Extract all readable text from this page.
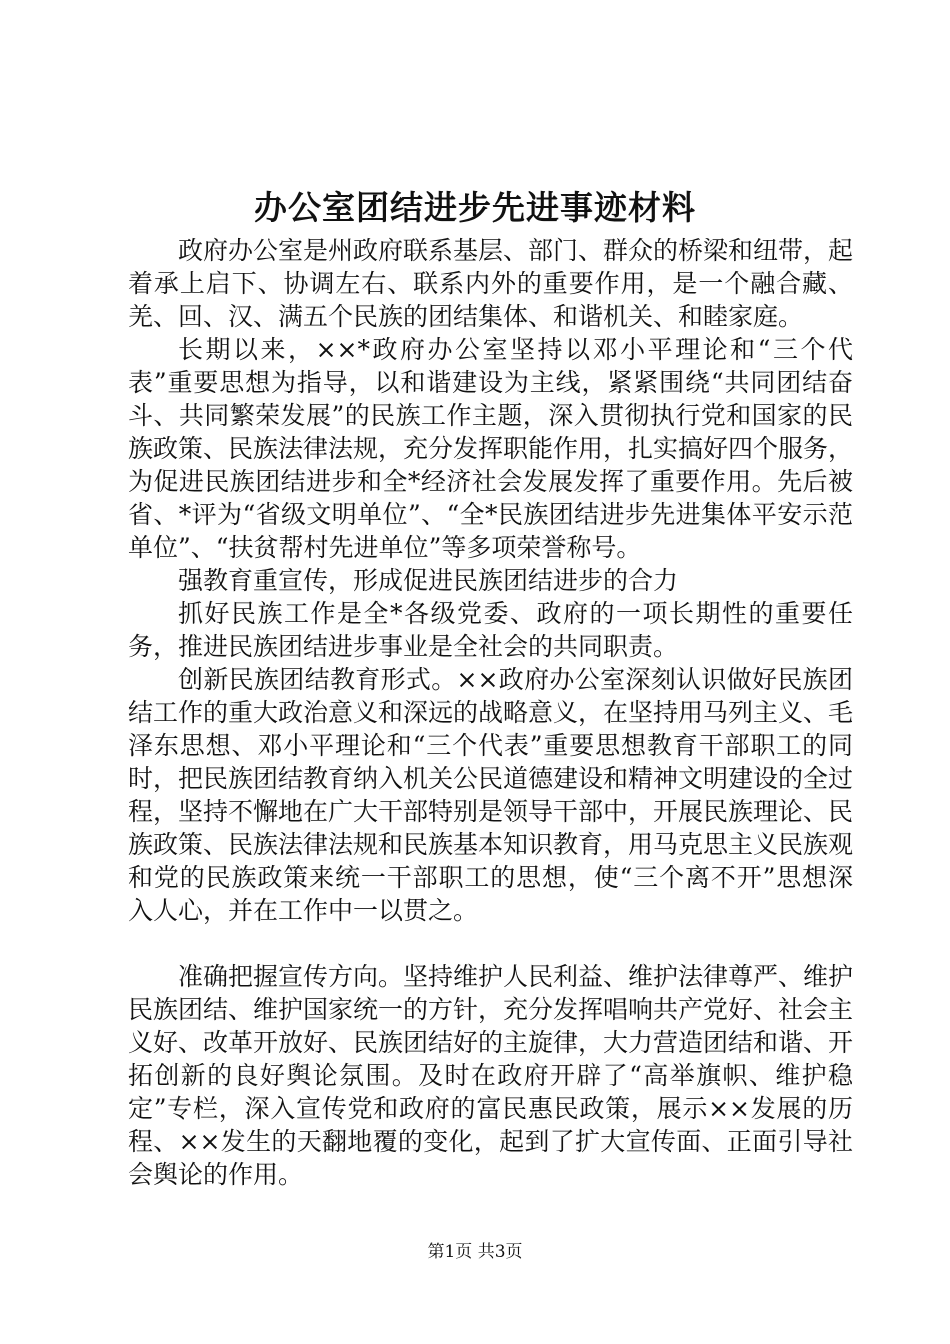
办公室团结进步先进事迹材料

政府办公室是州政府联系基层、部门、群众的桥梁和纽带，起着承上启下、协调左右、联系内外的重要作用，是一个融合藏、羌、回、汉、满五个民族的团结集体、和谐机关、和睦家庭。

长期以来，××*政府办公室坚持以邓小平理论和“三个代表”重要思想为指导，以和谐建设为主线，紧紧围绕“共同团结奋斗、共同繁荣发展”的民族工作主题，深入贯彻执行党和国家的民族政策、民族法律法规，充分发挥职能作用，扎实搞好四个服务，为促进民族团结进步和全*经济社会发展发挥了重要作用。先后被省、*评为“省级文明单位”、“全*民族团结进步先进集体平安示范单位”、“扶贫帮村先进单位”等多项荣誉称号。

强教育重宣传，形成促进民族团结进步的合力

抓好民族工作是全*各级党委、政府的一项长期性的重要任务，推进民族团结进步事业是全社会的共同职责。

创新民族团结教育形式。××政府办公室深刻认识做好民族团结工作的重大政治意义和深远的战略意义，在坚持用马列主义、毛泽东思想、邓小平理论和“三个代表”重要思想教育干部职工的同时，把民族团结教育纳入机关公民道德建设和精神文明建设的全过程，坚持不懈地在广大干部特别是领导干部中，开展民族理论、民族政策、民族法律法规和民族基本知识教育，用马克思主义民族观和党的民族政策来统一干部职工的思想，使“三个离不开”思想深入人心，并在工作中一以贯之。

准确把握宣传方向。坚持维护人民利益、维护法律尊严、维护民族团结、维护国家统一的方针，充分发挥唱响共产党好、社会主义好、改革开放好、民族团结好的主旋律，大力营造团结和谐、开拓创新的良好舆论氛围。及时在政府开辟了“高举旗帜、维护稳定”专栏，深入宣传党和政府的富民惠民政策，展示××发展的历程、××发生的天翻地覆的变化，起到了扩大宣传面、正面引导社会舆论的作用。

第1页 共3页
